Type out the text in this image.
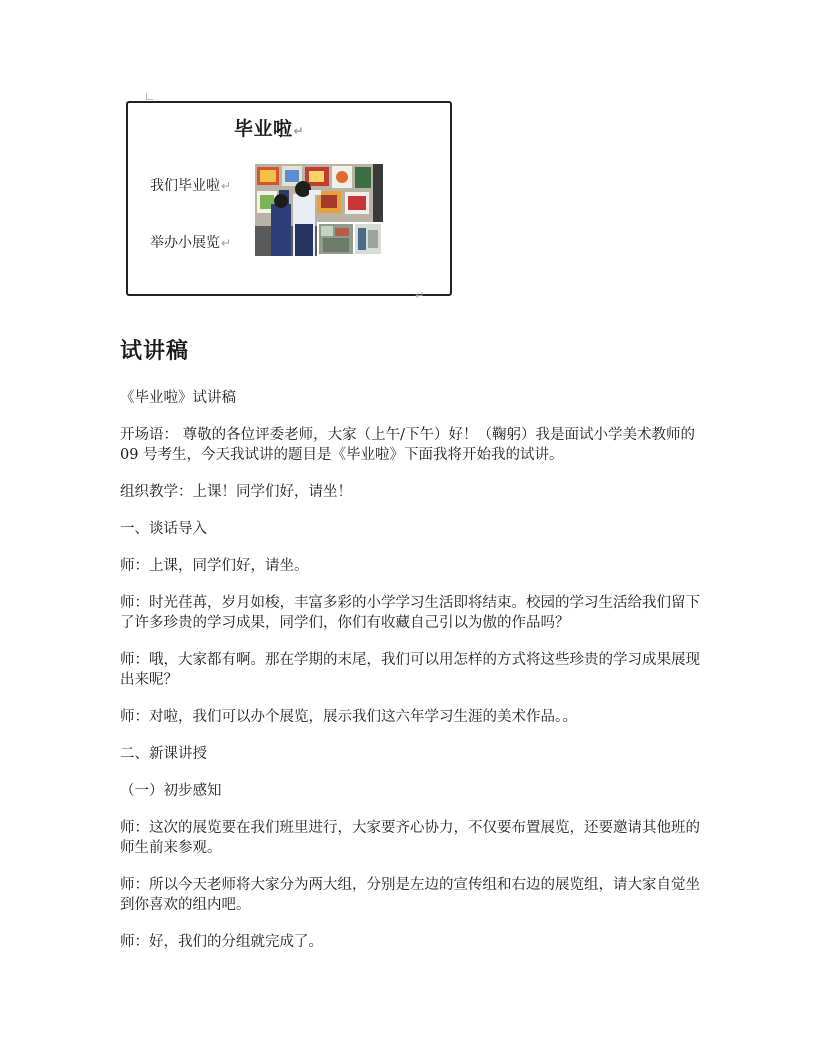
毕业啦↵
我们毕业啦↵
举办小展览↵
↵
试讲稿

《毕业啦》试讲稿

开场语： 尊敬的各位评委老师，大家（上午/下午）好！（鞠躬）我是面试小学美术教师的 09 号考生，今天我试讲的题目是《毕业啦》下面我将开始我的试讲。

组织教学：上课！同学们好，请坐！

一、谈话导入

师：上课，同学们好，请坐。

师：时光荏苒，岁月如梭，丰富多彩的小学学习生活即将结束。校园的学习生活给我们留下了许多珍贵的学习成果，同学们，你们有收藏自己引以为傲的作品吗？

师：哦，大家都有啊。那在学期的末尾，我们可以用怎样的方式将这些珍贵的学习成果展现出来呢？

师：对啦，我们可以办个展览，展示我们这六年学习生涯的美术作品。。

二、新课讲授

（一）初步感知

师：这次的展览要在我们班里进行，大家要齐心协力，不仅要布置展览，还要邀请其他班的师生前来参观。

师：所以今天老师将大家分为两大组，分别是左边的宣传组和右边的展览组，请大家自觉坐到你喜欢的组内吧。

师：好，我们的分组就完成了。
